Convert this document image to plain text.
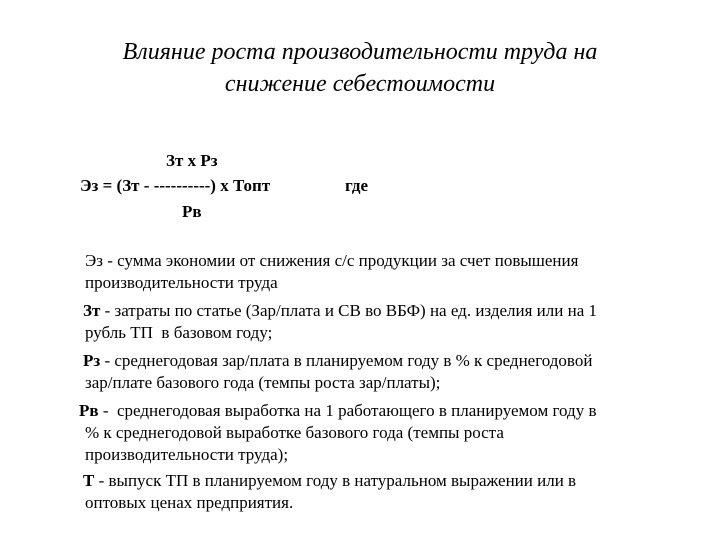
Влияние роста производительности труда на
снижение себестоимости
Зт х Рз
Эз = (Зт - ----------) х Топт	где
Рв

Эз - сумма экономии от снижения с/с продукции за счет повышения

производительности труда

Зт - затраты по статье (Зар/плата и СВ во ВБФ) на ед. изделия или на 1

рубль ТП  в базовом году;

Рз - среднегодовая зар/плата в планируемом году в % к среднегодовой

зар/плате базового года (темпы роста зар/платы);

Рв -  среднегодовая выработка на 1 работающего в планируемом году в

% к среднегодовой выработке базового года (темпы роста

производительности труда);

Т - выпуск ТП в планируемом году в натуральном выражении или в

оптовых ценах предприятия.
